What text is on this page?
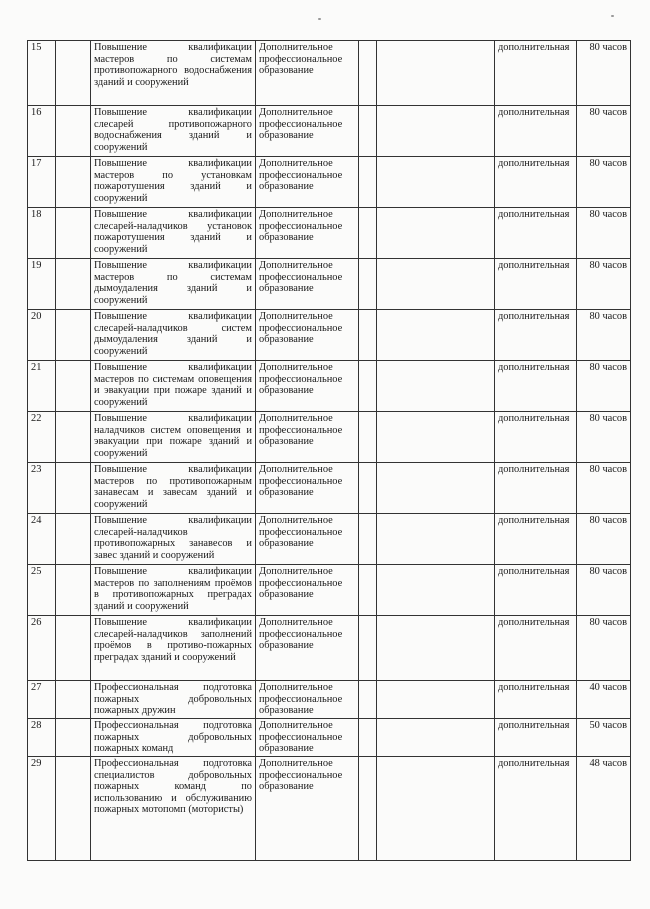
15		Повышение квалификации мастеров по системам противопожарного водоснабжения зданий и сооружений	Дополнительное профессиональное образование			дополнительная	80 часов
16		Повышение квалификации слесарей противопожарного водоснабжения зданий и сооружений	Дополнительное профессиональное образование			дополнительная	80 часов
17		Повышение квалификации мастеров по установкам пожаротушения зданий и сооружений	Дополнительное профессиональное образование			дополнительная	80 часов
18		Повышение квалификации слесарей-наладчиков установок пожаротушения зданий и сооружений	Дополнительное профессиональное образование			дополнительная	80 часов
19		Повышение квалификации мастеров по системам дымоудаления зданий и сооружений	Дополнительное профессиональное образование			дополнительная	80 часов
20		Повышение квалификации слесарей-наладчиков систем дымоудаления зданий и сооружений	Дополнительное профессиональное образование			дополнительная	80 часов
21		Повышение квалификации мастеров по системам оповещения и эвакуации при пожаре зданий и сооружений	Дополнительное профессиональное образование			дополнительная	80 часов
22		Повышение квалификации наладчиков систем оповещения и эвакуации при пожаре зданий и сооружений	Дополнительное профессиональное образование			дополнительная	80 часов
23		Повышение квалификации мастеров по противопожарным занавесам и завесам зданий и сооружений	Дополнительное профессиональное образование			дополнительная	80 часов
24		Повышение квалификации слесарей-наладчиков противопожарных занавесов и завес зданий и сооружений	Дополнительное профессиональное образование			дополнительная	80 часов
25		Повышение квалификации мастеров по заполнениям проёмов в противопожарных преградах зданий и сооружений	Дополнительное профессиональное образование			дополнительная	80 часов
26		Повышение квалификации слесарей-наладчиков заполнений проёмов в противо-пожарных преградах зданий и сооружений	Дополнительное профессиональное образование			дополнительная	80 часов
27		Профессиональная подготовка пожарных добровольных пожарных дружин	Дополнительное профессиональное образование			дополнительная	40 часов
28		Профессиональная подготовка пожарных добровольных пожарных команд	Дополнительное профессиональное образование			дополнительная	50 часов
29		Профессиональная подготовка специалистов добровольных пожарных команд по использованию и обслуживанию пожарных мотопомп (мотористы)	Дополнительное профессиональное образование			дополнительная	48 часов
